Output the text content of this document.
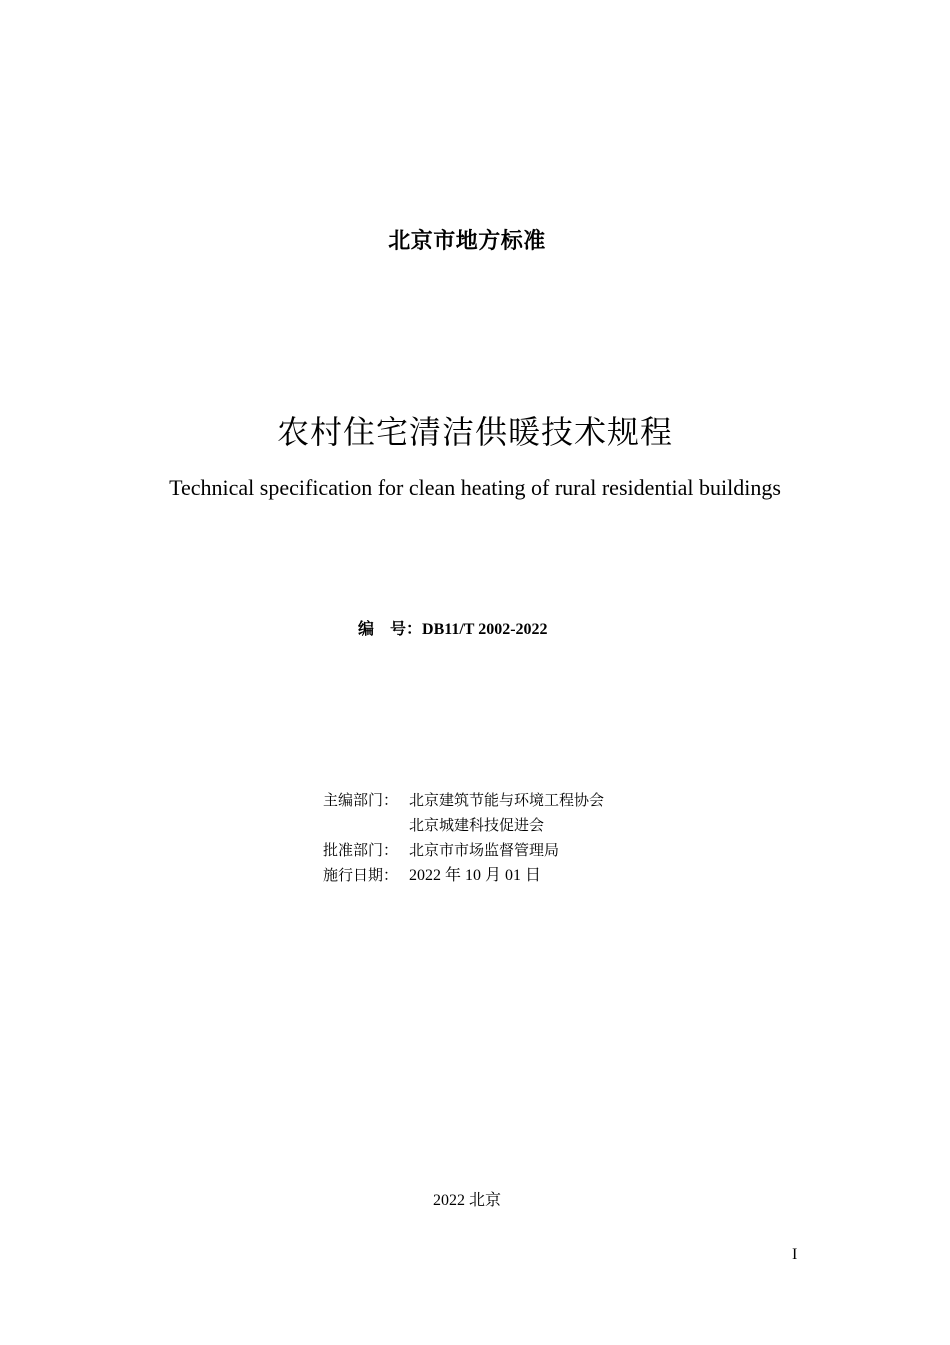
北京市地方标准
农村住宅清洁供暖技术规程
Technical specification for clean heating of rural residential buildings
编　号：DB11/T 2002-2022
主编部门： 北京建筑节能与环境工程协会
北京城建科技促进会
批准部门： 北京市市场监督管理局
施行日期： 2022 年 10 月 01 日
2022 北京
I
